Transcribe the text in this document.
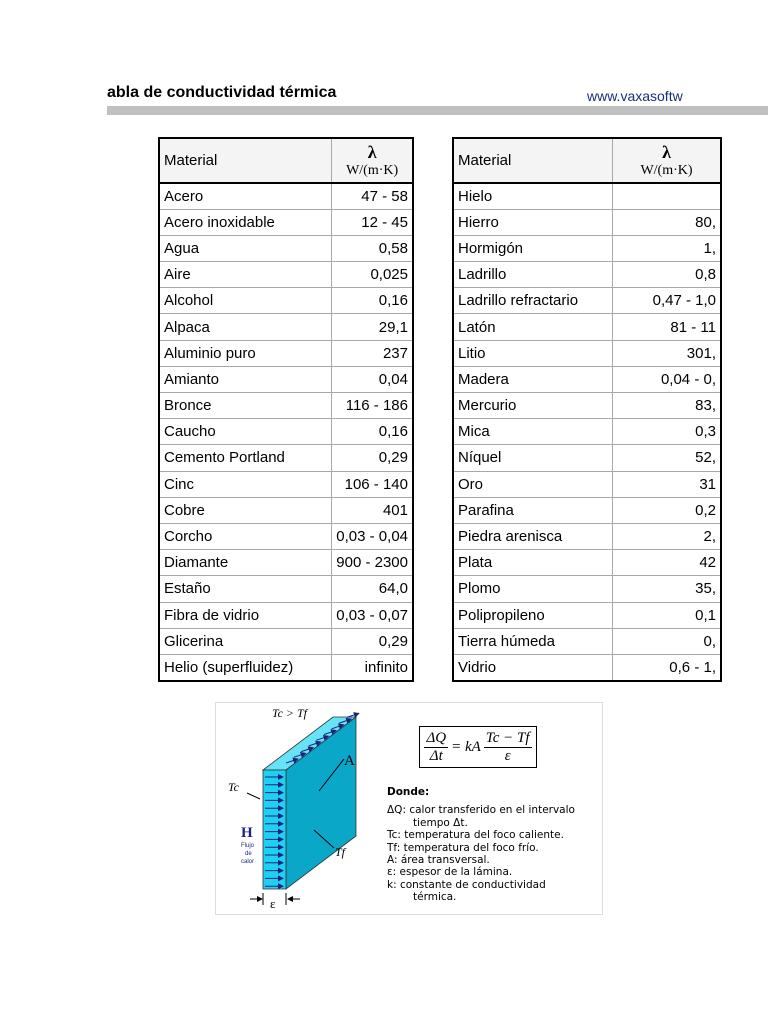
abla de conductividad térmica	www.vaxasoftw
Material	λ
W/(m·K)

Acero	47 - 58
Acero inoxidable	12 - 45
Agua	0,58
Aire	0,025
Alcohol	0,16
Alpaca	29,1
Aluminio puro	237
Amianto	0,04
Bronce	116 - 186
Caucho	0,16
Cemento Portland	0,29
Cinc	106 - 140
Cobre	401
Corcho	0,03 - 0,04
Diamante	900 - 2300
Estaño	64,0
Fibra de vidrio	0,03 - 0,07
Glicerina	0,29
Helio (superfluidez)	infinito
Material	λ
W/(m·K)

Hielo	
Hierro	80,
Hormigón	1,
Ladrillo	0,8
Ladrillo refractario	0,47 - 1,0
Latón	81 - 11
Litio	301,
Madera	0,04 - 0,
Mercurio	83,
Mica	0,3
Níquel	52,
Oro	31
Parafina	0,2
Piedra arenisca	2,
Plata	42
Plomo	35,
Polipropileno	0,1
Tierra húmeda	0,
Vidrio	0,6 - 1,
Tc > Tf
A
Tc
Tf
H
Flujo
de
calor
ε
$\frac{\Delta Q}{\Delta t}$ = kA $\frac{Tc - Tf}{\varepsilon}$
Donde:
ΔQ: calor transferido en el intervalo
tiempo Δt.
Tc: temperatura del foco caliente.
Tf: temperatura del foco frío.
A: área transversal.
ε: espesor de la lámina.
k: constante de conductividad
térmica.
